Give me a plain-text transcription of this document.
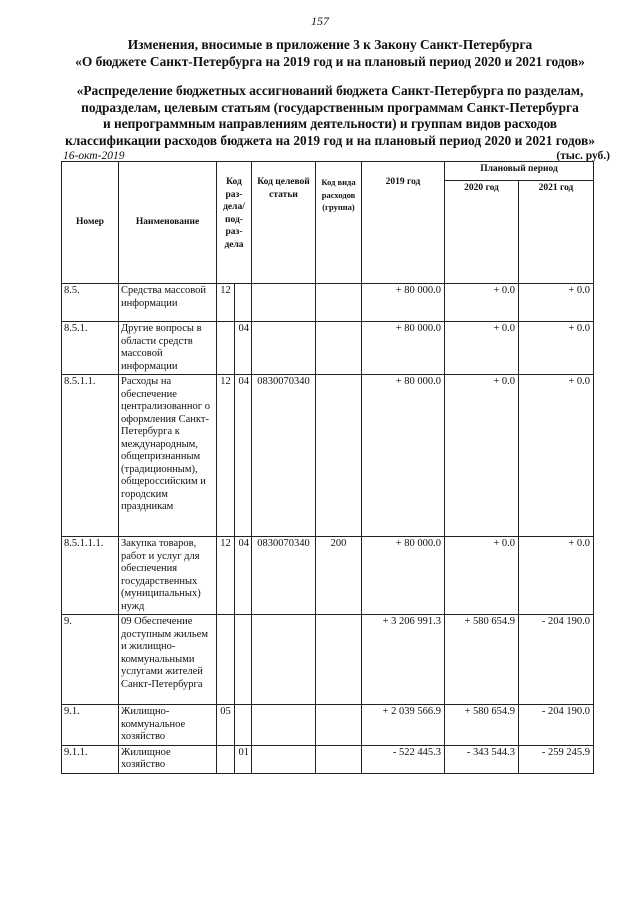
157
Изменения, вносимые в приложение 3 к Закону Санкт-Петербурга
«О бюджете Санкт-Петербурга на 2019 год и на плановый период 2020 и 2021 годов»
«Распределение бюджетных ассигнований бюджета Санкт-Петербурга по разделам,
подразделам, целевым статьям (государственным программам Санкт-Петербурга
и непрограммным направлениям деятельности) и группам видов расходов
классификации расходов бюджета на 2019 год и на плановый период 2020 и 2021 годов»
16-окт-2019	(тыс. руб.)
Номер	Наименование	Код раз-дела/ под-раз-дела		Код целевой статьи	Код вида расходов (группа)	2019 год	Плановый период	
							2020 год	2021 год
8.5.	Средства массовой информации	12				+ 80 000.0	+ 0.0	+ 0.0
8.5.1.	Другие вопросы в области средств массовой информации		04			+ 80 000.0	+ 0.0	+ 0.0
8.5.1.1.	Расходы на обеспечение централизованног о оформления Санкт-Петербурга к международным, общепризнанным (традиционным), общероссийским и городским праздникам	12	04	0830070340		+ 80 000.0	+ 0.0	+ 0.0
8.5.1.1.1.	Закупка товаров, работ и услуг для обеспечения государственных (муниципальных) нужд	12	04	0830070340	200	+ 80 000.0	+ 0.0	+ 0.0
9.	09 Обеспечение доступным жильем и жилищно-коммунальными услугами жителей Санкт-Петербурга					+ 3 206 991.3	+ 580 654.9	- 204 190.0
9.1.	Жилищно-коммунальное хозяйство	05				+ 2 039 566.9	+ 580 654.9	- 204 190.0
9.1.1.	Жилищное хозяйство		01			- 522 445.3	- 343 544.3	- 259 245.9
